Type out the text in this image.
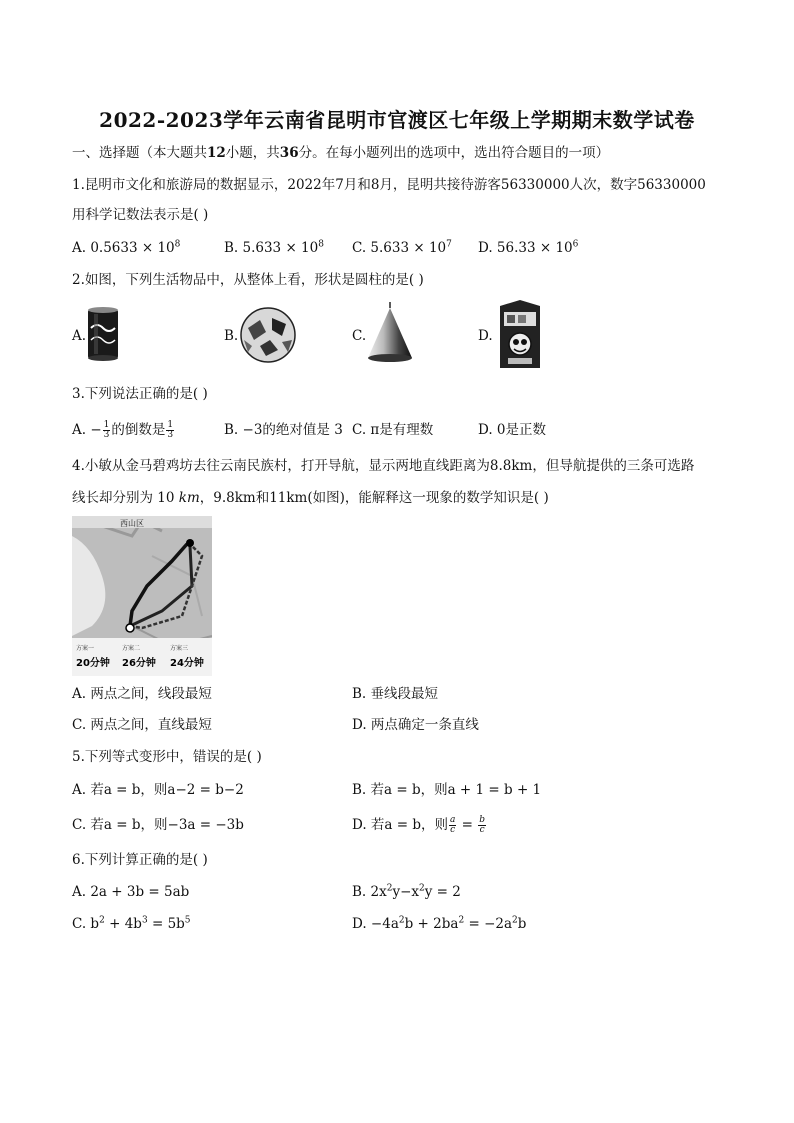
2022-2023学年云南省昆明市官渡区七年级上学期期末数学试卷
一、选择题（本大题共12小题，共36分。在每小题列出的选项中，选出符合题目的一项）
1.昆明市文化和旅游局的数据显示，2022年7月和8月，昆明共接待游客56330000人次，数字56330000
用科学记数法表示是( )
A. $0.5633 \times 10^8$	B. $5.633 \times 10^8$ C. $5.633 \times 10^7$ D. $56.33 \times 10^6$
2.如图，下列生活物品中，从整体上看，形状是圆柱的是( )
A.	B.	C.	D.
3.下列说法正确的是( )
A. − $\frac{1}{3}$ 的倒数是 $\frac{1}{3}$	B. −3的绝对值是 3 C. π是有理数	D. 0是正数
4.小敏从金马碧鸡坊去往云南民族村，打开导航，显示两地直线距离为8.8km，但导航提供的三条可选路
线长却分别为 10 km，9.8km和11km(如图)，能解释这一现象的数学知识是( )
西山区
方案一	方案二	方案三
20分钟 26分钟 24分钟
A. 两点之间，线段最短	B. 垂线段最短
C. 两点之间，直线最短	D. 两点确定一条直线
5.下列等式变形中，错误的是( )
A. 若a = b，则a−2 = b−2	B. 若a = b，则a + 1 = b + 1
C. 若a = b，则−3a = −3b	D. 若a = b，则 $\frac{a}{c} = \frac{b}{c}$
6.下列计算正确的是( )
A. 2a + 3b = 5ab	B. $2x^2y-x^2y = 2$
C. $b^2 + 4b^3 = 5b^5$	D. $-4a^2b + 2ba^2 = -2a^2b$
